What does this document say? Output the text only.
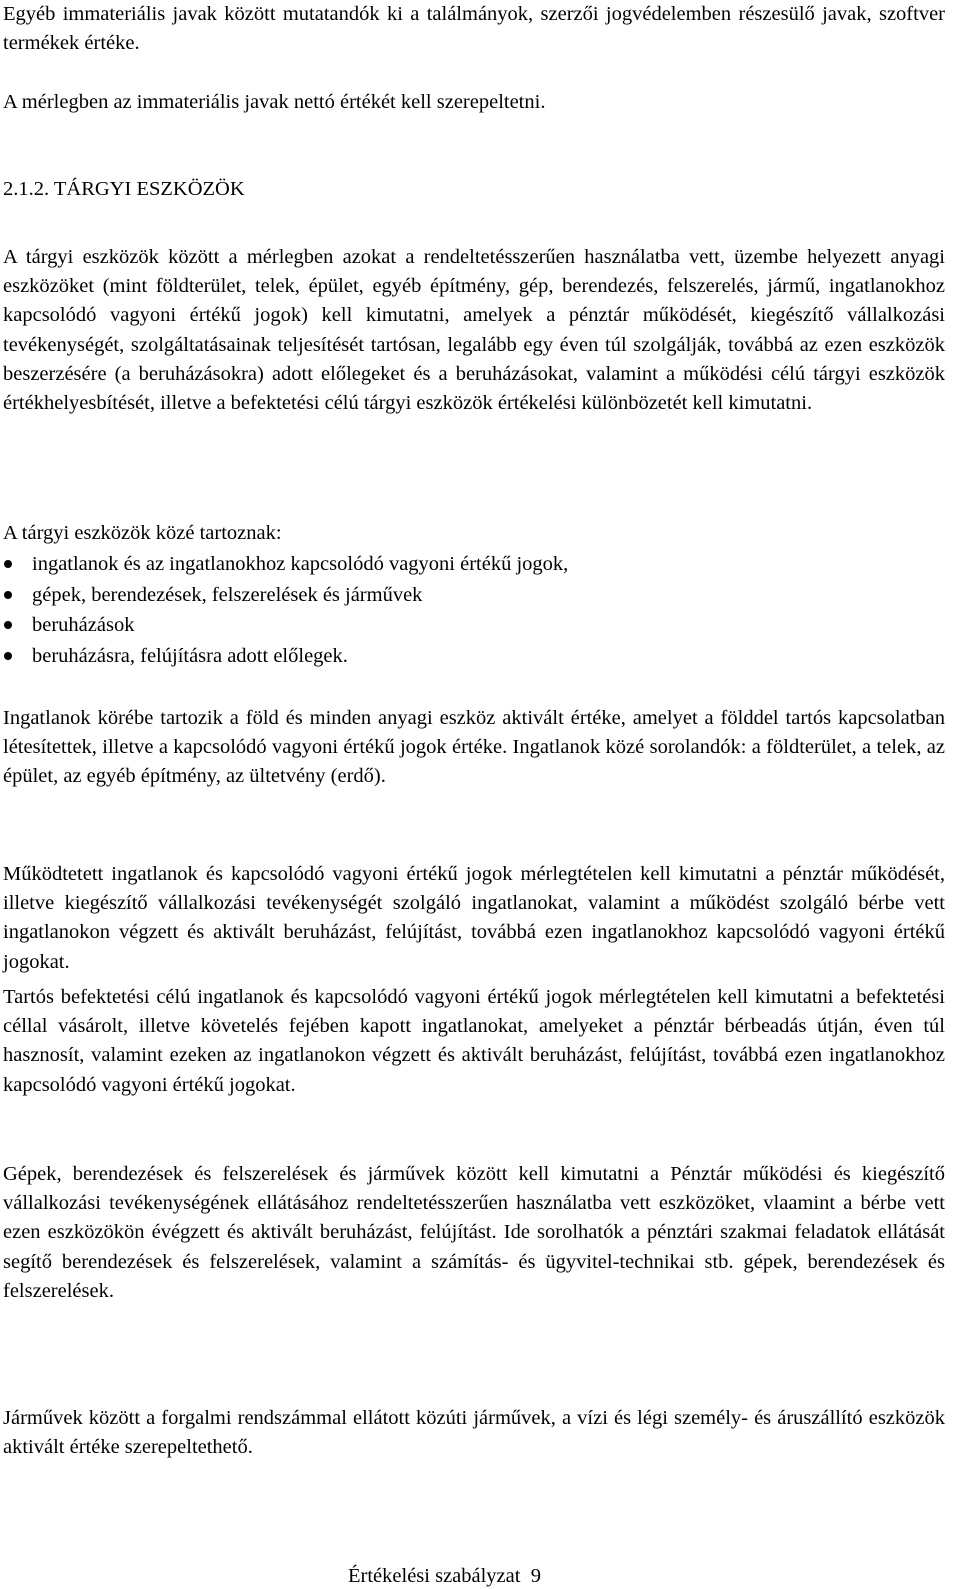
Egyéb immateriális javak között mutatandók ki a találmányok, szerzői jogvédelemben részesülő javak, szoftver termékek értéke.

A mérlegben az immateriális javak nettó értékét kell szerepeltetni.

2.1.2. TÁRGYI ESZKÖZÖK

A tárgyi eszközök között a mérlegben azokat a rendeltetésszerűen használatba vett, üzembe helyezett anyagi eszközöket (mint földterület, telek, épület, egyéb építmény, gép, berendezés, felszerelés, jármű, ingatlanokhoz kapcsolódó vagyoni értékű jogok) kell kimutatni, amelyek a pénztár működését, kiegészítő vállalkozási tevékenységét, szolgáltatásainak teljesítését tartósan, legalább egy éven túl szolgálják, továbbá az ezen eszközök beszerzésére (a beruházásokra) adott előlegeket és a beruházásokat, valamint a működési célú tárgyi eszközök értékhelyesbítését, illetve a befektetési célú tárgyi eszközök értékelési különbözetét kell kimutatni.

A tárgyi eszközök közé tartoznak:

ingatlanok és az ingatlanokhoz kapcsolódó vagyoni értékű jogok,
gépek, berendezések, felszerelések és járművek
beruházások
beruházásra, felújításra adott előlegek.

Ingatlanok körébe tartozik a föld és minden anyagi eszköz aktivált értéke, amelyet a földdel tartós kapcsolatban létesítettek, illetve a kapcsolódó vagyoni értékű jogok értéke. Ingatlanok közé sorolandók: a földterület, a telek, az épület, az egyéb építmény, az ültetvény (erdő).

Működtetett ingatlanok és kapcsolódó vagyoni értékű jogok mérlegtételen kell kimutatni a pénztár működését, illetve kiegészítő vállalkozási tevékenységét szolgáló ingatlanokat, valamint a működést szolgáló bérbe vett ingatlanokon végzett és aktivált beruházást, felújítást, továbbá ezen ingatlanokhoz kapcsolódó vagyoni értékű jogokat.

Tartós befektetési célú ingatlanok és kapcsolódó vagyoni értékű jogok mérlegtételen kell kimutatni a befektetési céllal vásárolt, illetve követelés fejében kapott ingatlanokat, amelyeket a pénztár bérbeadás útján, éven túl hasznosít, valamint ezeken az ingatlanokon végzett és aktivált beruházást, felújítást, továbbá ezen ingatlanokhoz kapcsolódó vagyoni értékű jogokat.

Gépek, berendezések és felszerelések és járművek között kell kimutatni a Pénztár működési és kiegészítő vállalkozási tevékenységének ellátásához rendeltetésszerűen használatba vett eszközöket, vlaamint a bérbe vett ezen eszközökön évégzett és aktivált beruházást, felújítást. Ide sorolhatók a pénztári szakmai feladatok ellátását segítő berendezések és felszerelések, valamint a számítás- és ügyvitel-technikai stb. gépek, berendezések és felszerelések.

Járművek között a forgalmi rendszámmal ellátott közúti járművek, a vízi és légi személy- és áruszállító eszközök aktivált értéke szerepeltethető.

Értékelési szabályzat 9
